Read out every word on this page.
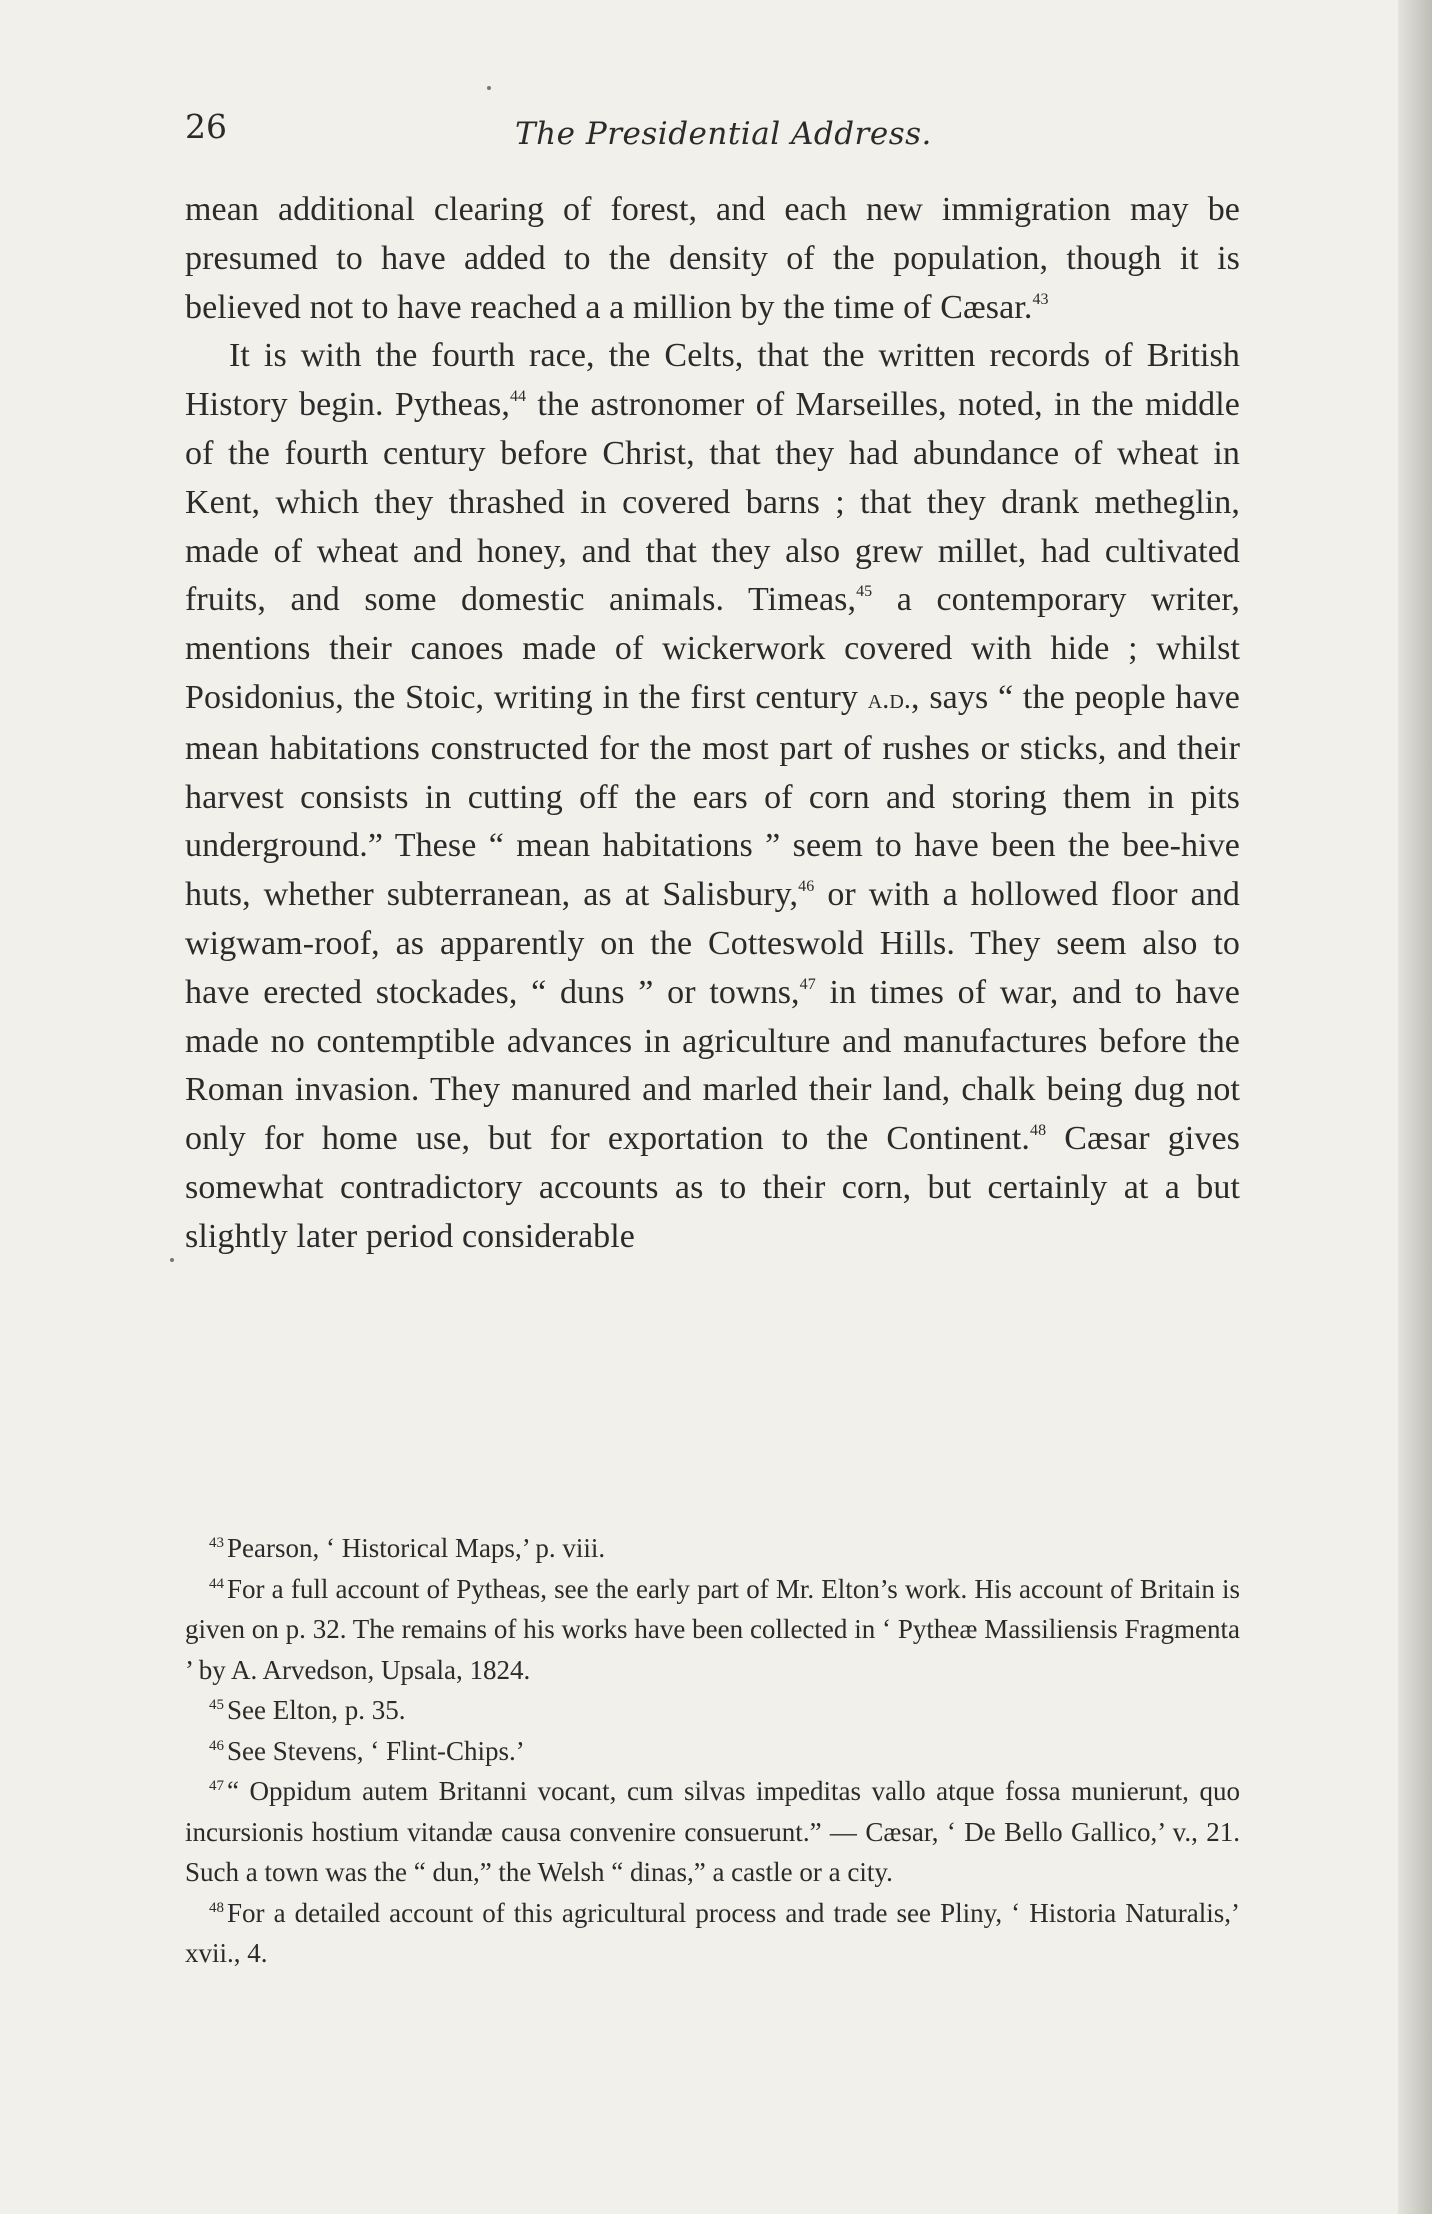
26	The Presidential Address.

mean additional clearing of forest, and each new immigration may be presumed to have added to the density of the population, though it is believed not to have reached a a million by the time of Cæsar.$^{43}$

It is with the fourth race, the Celts, that the written records of British History begin. Pytheas,$^{44}$ the astronomer of Marseilles, noted, in the middle of the fourth century before Christ, that they had abundance of wheat in Kent, which they thrashed in covered barns ; that they drank metheglin, made of wheat and honey, and that they also grew millet, had cultivated fruits, and some domestic animals. Timeas,$^{45}$ a contemporary writer, mentions their canoes made of wickerwork covered with hide ; whilst Posidonius, the Stoic, writing in the first century a.d., says “ the people have mean habitations constructed for the most part of rushes or sticks, and their harvest consists in cutting off the ears of corn and storing them in pits underground.” These “ mean habitations ” seem to have been the bee-hive huts, whether subterranean, as at Salisbury,$^{46}$ or with a hollowed floor and wigwam-roof, as apparently on the Cotteswold Hills. They seem also to have erected stockades, “ duns ” or towns,$^{47}$ in times of war, and to have made no contemptible advances in agriculture and manufactures before the Roman invasion. They manured and marled their land, chalk being dug not only for home use, but for exportation to the Continent.$^{48}$ Cæsar gives somewhat contradictory accounts as to their corn, but certainly at a but slightly later period considerable

$^{43}$ Pearson, ‘ Historical Maps,’ p. viii.

$^{44}$ For a full account of Pytheas, see the early part of Mr. Elton’s work. His account of Britain is given on p. 32. The remains of his works have been collected in ‘ Pytheæ Massiliensis Fragmenta ’ by A. Arvedson, Upsala, 1824.

$^{45}$ See Elton, p. 35.

$^{46}$ See Stevens, ‘ Flint-Chips.’

$^{47}$ “ Oppidum autem Britanni vocant, cum silvas impeditas vallo atque fossa munierunt, quo incursionis hostium vitandæ causa convenire consuerunt.” — Cæsar, ‘ De Bello Gallico,’ v., 21. Such a town was the “ dun,” the Welsh “ dinas,” a castle or a city.

$^{48}$ For a detailed account of this agricultural process and trade see Pliny, ‘ Historia Naturalis,’ xvii., 4.
